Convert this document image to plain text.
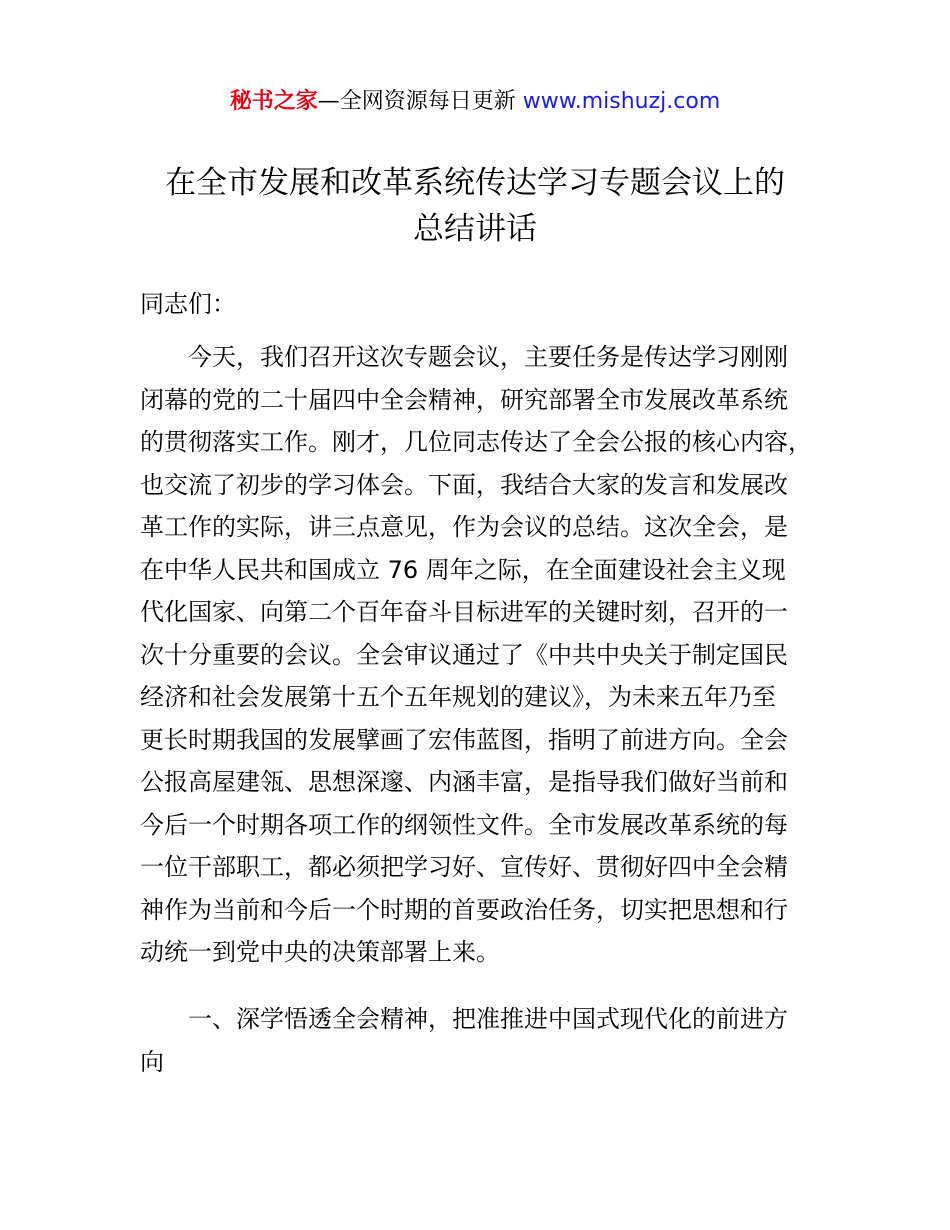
秘书之家—全网资源每日更新 www.mishuzj.com
在全市发展和改革系统传达学习专题会议上的
总结讲话

同志们：

今天，我们召开这次专题会议，主要任务是传达学习刚刚
闭幕的党的二十届四中全会精神，研究部署全市发展改革系统
的贯彻落实工作。刚才，几位同志传达了全会公报的核心内容，
也交流了初步的学习体会。下面，我结合大家的发言和发展改
革工作的实际，讲三点意见，作为会议的总结。这次全会，是
在中华人民共和国成立 76 周年之际，在全面建设社会主义现
代化国家、向第二个百年奋斗目标进军的关键时刻，召开的一
次十分重要的会议。全会审议通过了《中共中央关于制定国民
经济和社会发展第十五个五年规划的建议》，为未来五年乃至
更长时期我国的发展擘画了宏伟蓝图，指明了前进方向。全会
公报高屋建瓴、思想深邃、内涵丰富，是指导我们做好当前和
今后一个时期各项工作的纲领性文件。全市发展改革系统的每
一位干部职工，都必须把学习好、宣传好、贯彻好四中全会精
神作为当前和今后一个时期的首要政治任务，切实把思想和行
动统一到党中央的决策部署上来。

一、深学悟透全会精神，把准推进中国式现代化的前进方
向
